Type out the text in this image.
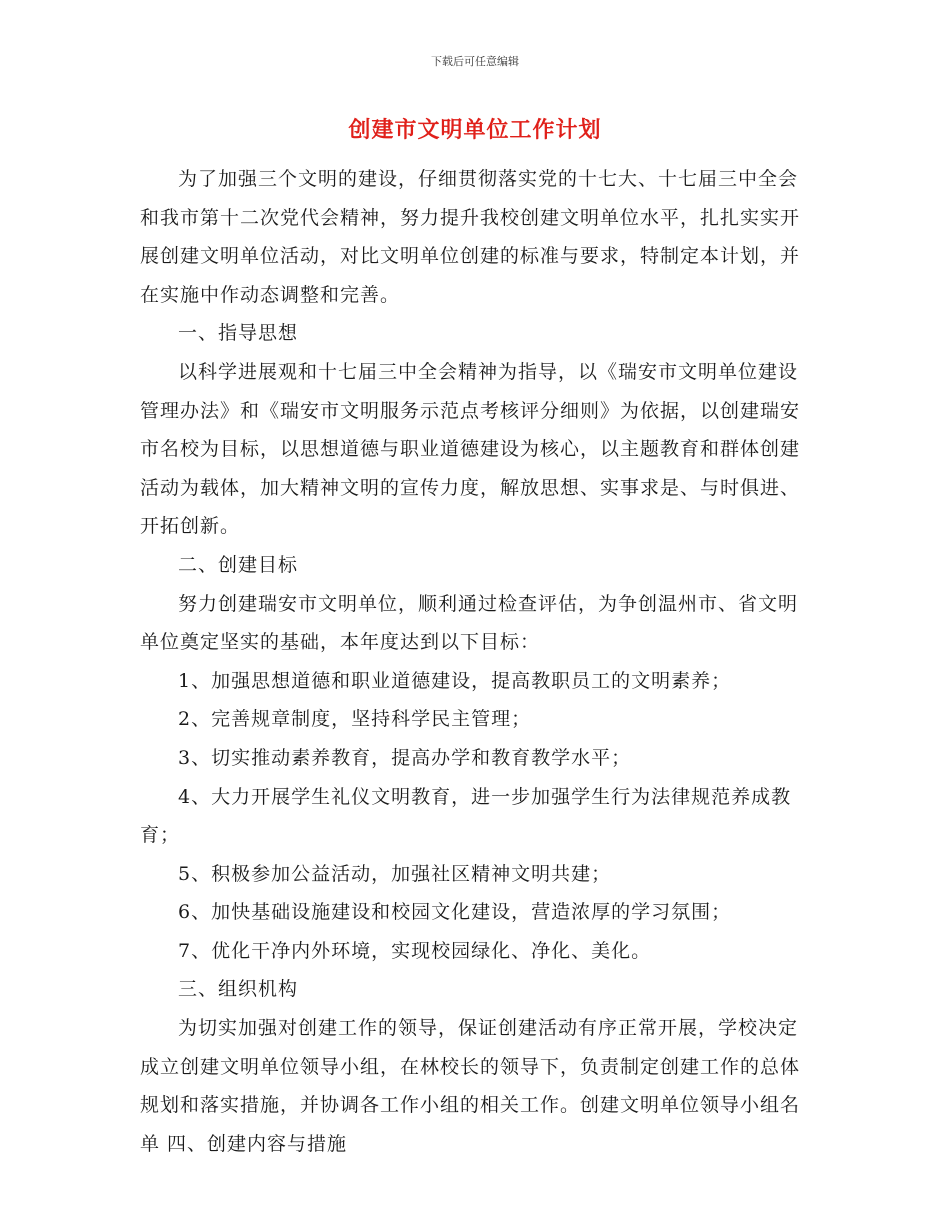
下载后可任意编辑
创建市文明单位工作计划

为了加强三个文明的建设，仔细贯彻落实党的十七大、十七届三中全会和我市第十二次党代会精神，努力提升我校创建文明单位水平，扎扎实实开展创建文明单位活动，对比文明单位创建的标准与要求，特制定本计划，并在实施中作动态调整和完善。

一、指导思想

以科学进展观和十七届三中全会精神为指导，以《瑞安市文明单位建设管理办法》和《瑞安市文明服务示范点考核评分细则》为依据，以创建瑞安市名校为目标，以思想道德与职业道德建设为核心，以主题教育和群体创建活动为载体，加大精神文明的宣传力度，解放思想、实事求是、与时俱进、开拓创新。

二、创建目标

努力创建瑞安市文明单位，顺利通过检查评估，为争创温州市、省文明单位奠定坚实的基础，本年度达到以下目标：

1、加强思想道德和职业道德建设，提高教职员工的文明素养；

2、完善规章制度，坚持科学民主管理；

3、切实推动素养教育，提高办学和教育教学水平；

4、大力开展学生礼仪文明教育，进一步加强学生行为法律规范养成教育；

5、积极参加公益活动，加强社区精神文明共建；

6、加快基础设施建设和校园文化建设，营造浓厚的学习氛围；

7、优化干净内外环境，实现校园绿化、净化、美化。

三、组织机构

为切实加强对创建工作的领导，保证创建活动有序正常开展，学校决定成立创建文明单位领导小组，在林校长的领导下，负责制定创建工作的总体规划和落实措施，并协调各工作小组的相关工作。创建文明单位领导小组名单 四、创建内容与措施
